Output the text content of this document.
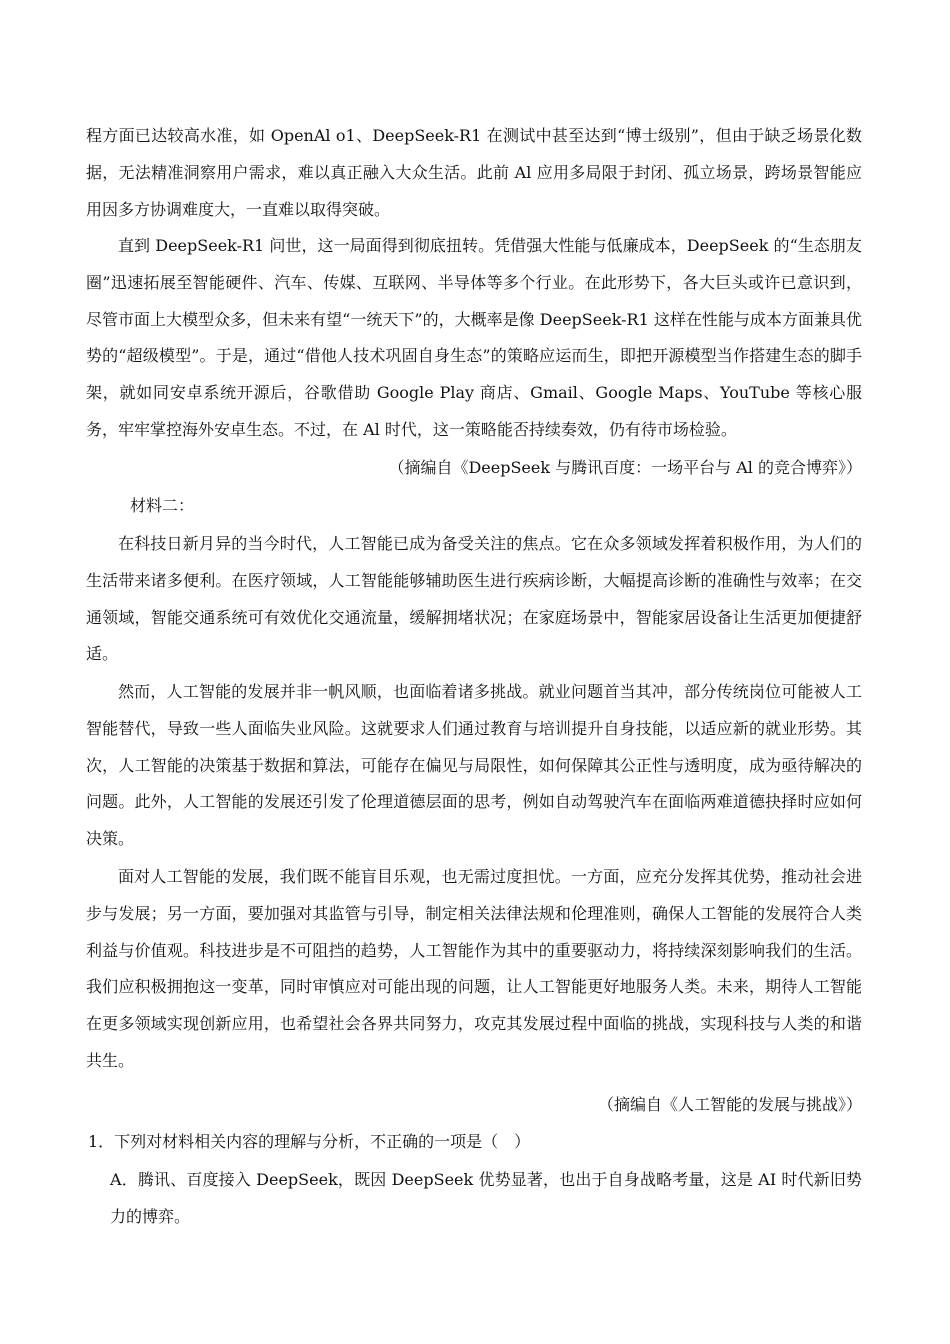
程方面已达较高水准，如 OpenAl o1、DeepSeek-R1 在测试中甚至达到“博士级别”，但由于缺乏场景化数据，无法精准洞察用户需求，难以真正融入大众生活。此前 Al 应用多局限于封闭、孤立场景，跨场景智能应用因多方协调难度大，一直难以取得突破。

直到 DeepSeek-R1 问世，这一局面得到彻底扭转。凭借强大性能与低廉成本，DeepSeek 的“生态朋友圈”迅速拓展至智能硬件、汽车、传媒、互联网、半导体等多个行业。在此形势下，各大巨头或许已意识到，尽管市面上大模型众多，但未来有望“一统天下”的，大概率是像 DeepSeek-R1 这样在性能与成本方面兼具优势的“超级模型”。于是，通过“借他人技术巩固自身生态”的策略应运而生，即把开源模型当作搭建生态的脚手架，就如同安卓系统开源后，谷歌借助 Google Play 商店、Gmail、Google Maps、YouTube 等核心服务，牢牢掌控海外安卓生态。不过，在 Al 时代，这一策略能否持续奏效，仍有待市场检验。

（摘编自《DeepSeek 与腾讯百度：一场平台与 Al 的竞合博弈》）

材料二：

在科技日新月异的当今时代，人工智能已成为备受关注的焦点。它在众多领域发挥着积极作用，为人们的生活带来诸多便利。在医疗领域，人工智能能够辅助医生进行疾病诊断，大幅提高诊断的准确性与效率；在交通领域，智能交通系统可有效优化交通流量，缓解拥堵状况；在家庭场景中，智能家居设备让生活更加便捷舒适。

然而，人工智能的发展并非一帆风顺，也面临着诸多挑战。就业问题首当其冲，部分传统岗位可能被人工智能替代，导致一些人面临失业风险。这就要求人们通过教育与培训提升自身技能，以适应新的就业形势。其次，人工智能的决策基于数据和算法，可能存在偏见与局限性，如何保障其公正性与透明度，成为亟待解决的问题。此外，人工智能的发展还引发了伦理道德层面的思考，例如自动驾驶汽车在面临两难道德抉择时应如何决策。

面对人工智能的发展，我们既不能盲目乐观，也无需过度担忧。一方面，应充分发挥其优势，推动社会进步与发展；另一方面，要加强对其监管与引导，制定相关法律法规和伦理准则，确保人工智能的发展符合人类利益与价值观。科技进步是不可阻挡的趋势，人工智能作为其中的重要驱动力，将持续深刻影响我们的生活。我们应积极拥抱这一变革，同时审慎应对可能出现的问题，让人工智能更好地服务人类。未来，期待人工智能在更多领域实现创新应用，也希望社会各界共同努力，攻克其发展过程中面临的挑战，实现科技与人类的和谐共生。

（摘编自《人工智能的发展与挑战》）

1．下列对材料相关内容的理解与分析，不正确的一项是（　）

A．腾讯、百度接入 DeepSeek，既因 DeepSeek 优势显著，也出于自身战略考量，这是 AI 时代新旧势力的博弈。
